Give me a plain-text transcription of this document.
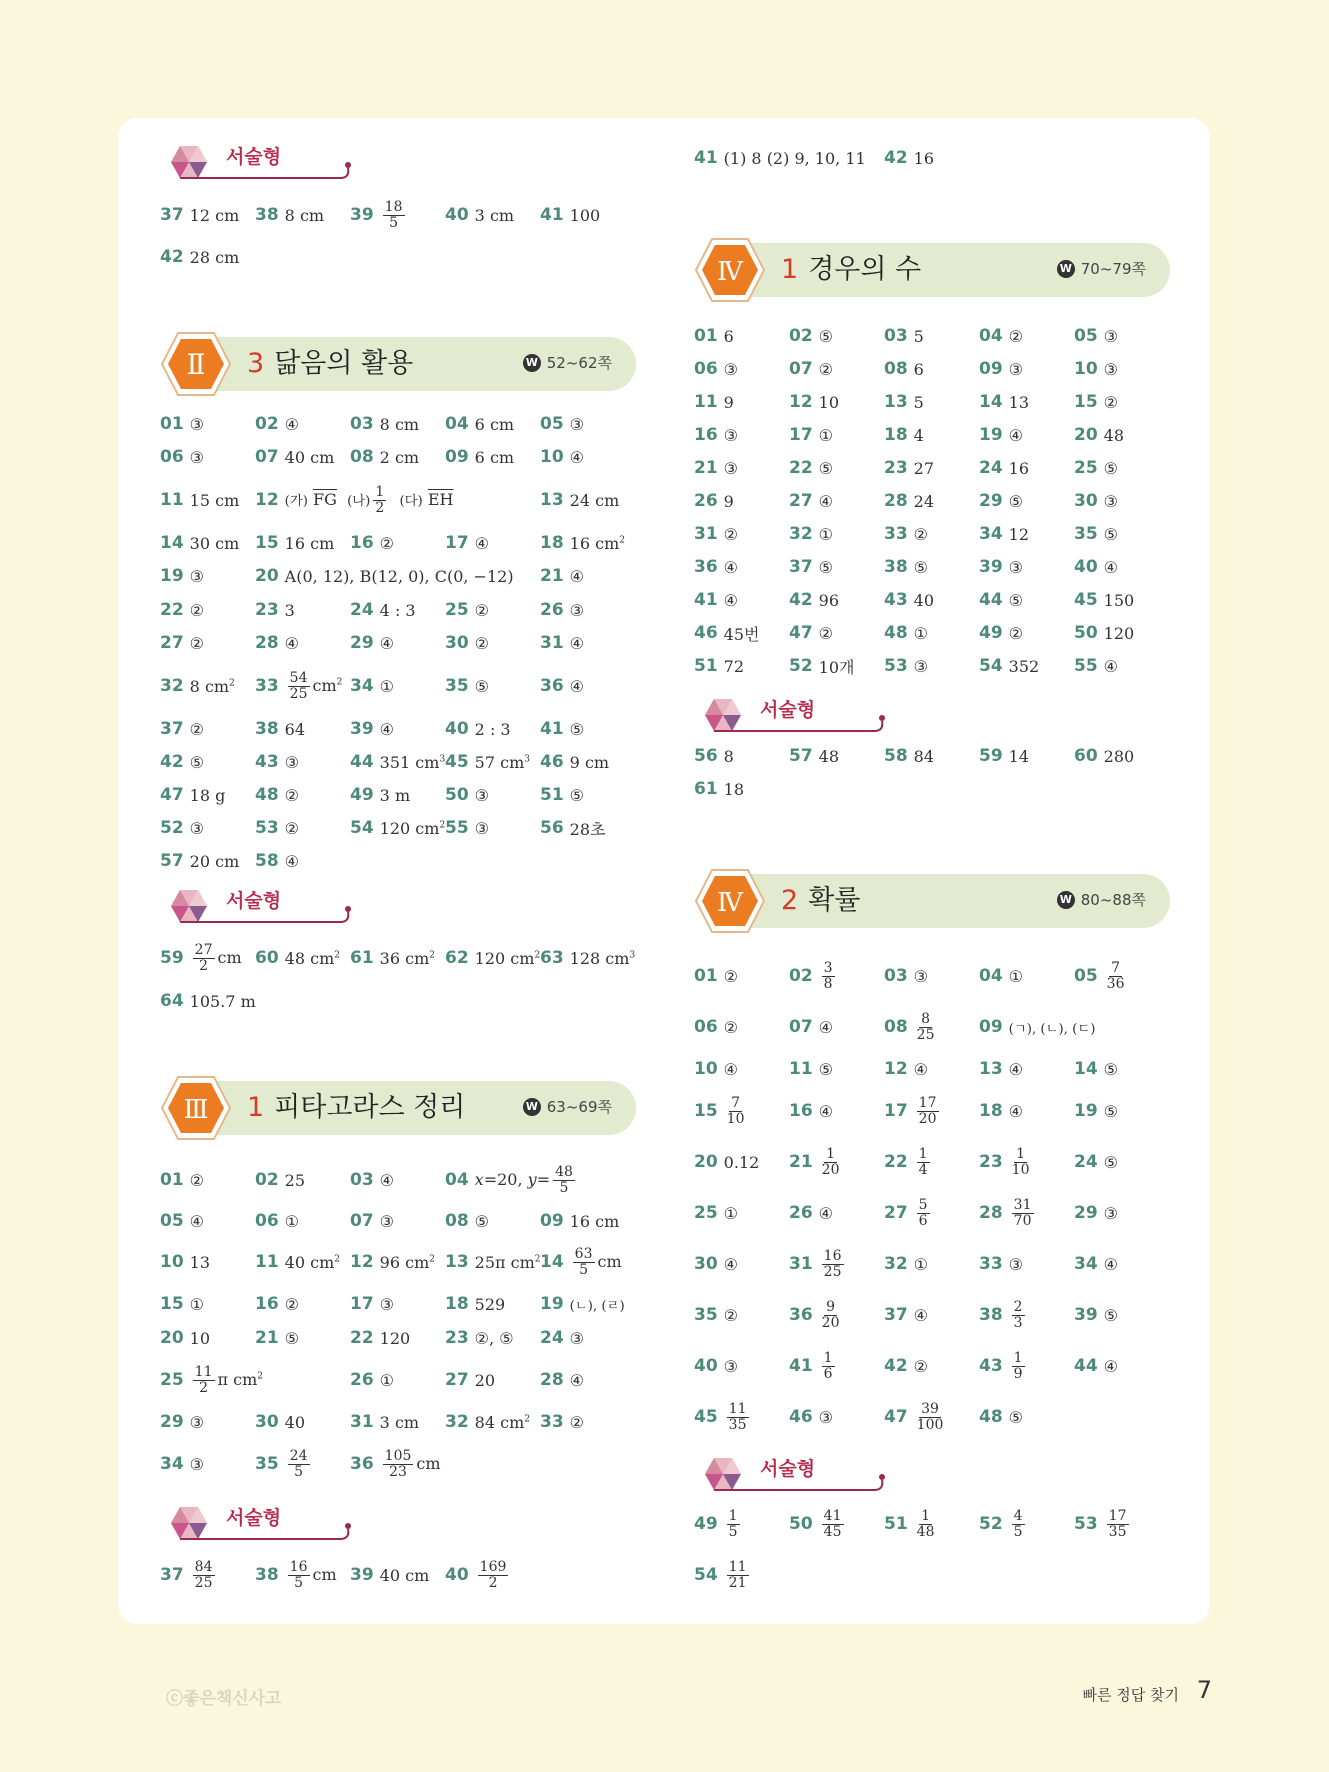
서술형
37 12 cm 38 8 cm $39 \frac{18}{5} 40$ 3 cm 41 100
42 28 cm
Ⅱ 3 닮음의 활용	W 52~62쪽
01 ③	02 ④	03 8 cm 04 6 cm 05 ③
06 ③	07 40 cm 08 2 cm 09 6 cm 10 ④
11 15 cm 12 (가) $\overline{FG}$ (나) $\frac{1}{2}$ (다) $\overline{EH}$	13 24 cm
14 30 cm 15 16 cm 16 ②	17 ④	18 16 $cm^2$
19 ③	20 A(0, 12), B(12, 0), C(0, −12) 21 ④
22 ②	23 3	24 4 : 3 25 ②	26 ③
27 ②	28 ④	29 ④	30 ②	31 ④
32 8 $cm^2$ $33 \frac{54}{25} cm^2$ 34 ①	35 ⑤	36 ④
37 ②	38 64	39 ④	40 2 : 3 41 ⑤
42 ⑤	43 ③	44 351 $cm^3$ 45 57 $cm^3$ 46 9 cm
47 18 g 48 ②	49 3 m 50 ③	51 ⑤
52 ③	53 ②	54 120 $cm^2$ 55 ③	56 28초
57 20 cm 58 ④
$59 \frac{27}{2}$ cm 60 48 $cm^2$ 61 36 $cm^2$ 62 120 $cm^2$ 63 128 $cm^3$
64 105.7 m
서술형
Ⅲ 1 피타고라스 정리	W 63~69쪽
01 ②	02 25	03 ④	04 x=20, $y= \frac{48}{5}$
05 ④	06 ①	07 ③	08 ⑤	09 16 cm
10 13	11 40 $cm^2$ 12 96 $cm^2$ 13 25π $cm^2$ $14 \frac{63}{5}$ cm
15 ①	16 ②	17 ③	18 529 19 (ㄴ), (ㄹ)
20 10	21 ⑤	22 120 23 ②, ⑤ 24 ③
$25 \frac{11}{2}$ π $cm^2$	26 ①	27 20	28 ④
29 ③	30 40	31 3 cm 32 84 $cm^2$ 33 ②
34 ③	$35 \frac{24}{5} 36 \frac{105}{23}$ cm
$37 \frac{84}{25} 38 \frac{16}{5}$ cm 39 40 cm $40 \frac{169}{2}$
서술형
41 (1) 8 (2) 9, 10, 11 42 16
Ⅳ 1 경우의 수	W 70~79쪽
01 6	02 ⑤	03 5	04 ②	05 ③
06 ③	07 ②	08 6	09 ③	10 ③
11 9	12 10	13 5	14 13	15 ②
16 ③	17 ①	18 4	19 ④	20 48
21 ③	22 ⑤	23 27	24 16	25 ⑤
26 9	27 ④	28 24	29 ⑤	30 ③
31 ②	32 ①	33 ②	34 12	35 ⑤
36 ④	37 ⑤	38 ⑤	39 ③	40 ④
41 ④	42 96	43 40	44 ⑤	45 150
46 45번 47 ②	48 ①	49 ②	50 120
51 72	52 10개 53 ③	54 352 55 ④
56 8	57 48	58 84	59 14	60 280
61 18
서술형
Ⅳ 2 확률	W 80~88쪽
01 ②	$02 \frac{3}{8}$	03 ③	04 ①	$05 \frac{7}{36}$
06 ②	07 ④	$08 \frac{8}{25}$	09 (ㄱ), (ㄴ), (ㄷ)
10 ④	11 ⑤	12 ④	13 ④	14 ⑤
$15 \frac{7}{10}$	16 ④	$17 \frac{17}{20} 18$ ④	19 ⑤
20 0.12 $21 \frac{1}{20}$	$22 \frac{1}{4}$	$23 \frac{1}{10}$	24 ⑤
25 ①	26 ④	$27 \frac{5}{6}$	$28 \frac{31}{70} 29$ ③
30 ④	$31 \frac{16}{25} 32$ ①	33 ③	34 ④
35 ②	$36 \frac{9}{20}$	37 ④	$38 \frac{2}{3}$	39 ⑤
40 ③	$41 \frac{1}{6}$	42 ②	$43 \frac{1}{9}$	44 ④
$45 \frac{11}{35} 46$ ③	$47 \frac{39}{100} 48$ ⑤
$49 \frac{1}{5}$	$50 \frac{41}{45} 51 \frac{1}{48}$	$52 \frac{4}{5}$	$53 \frac{17}{35}$
$54 \frac{11}{21}$
서술형
ⓒ좋은책신사고	빠른 정답 찾기 7
